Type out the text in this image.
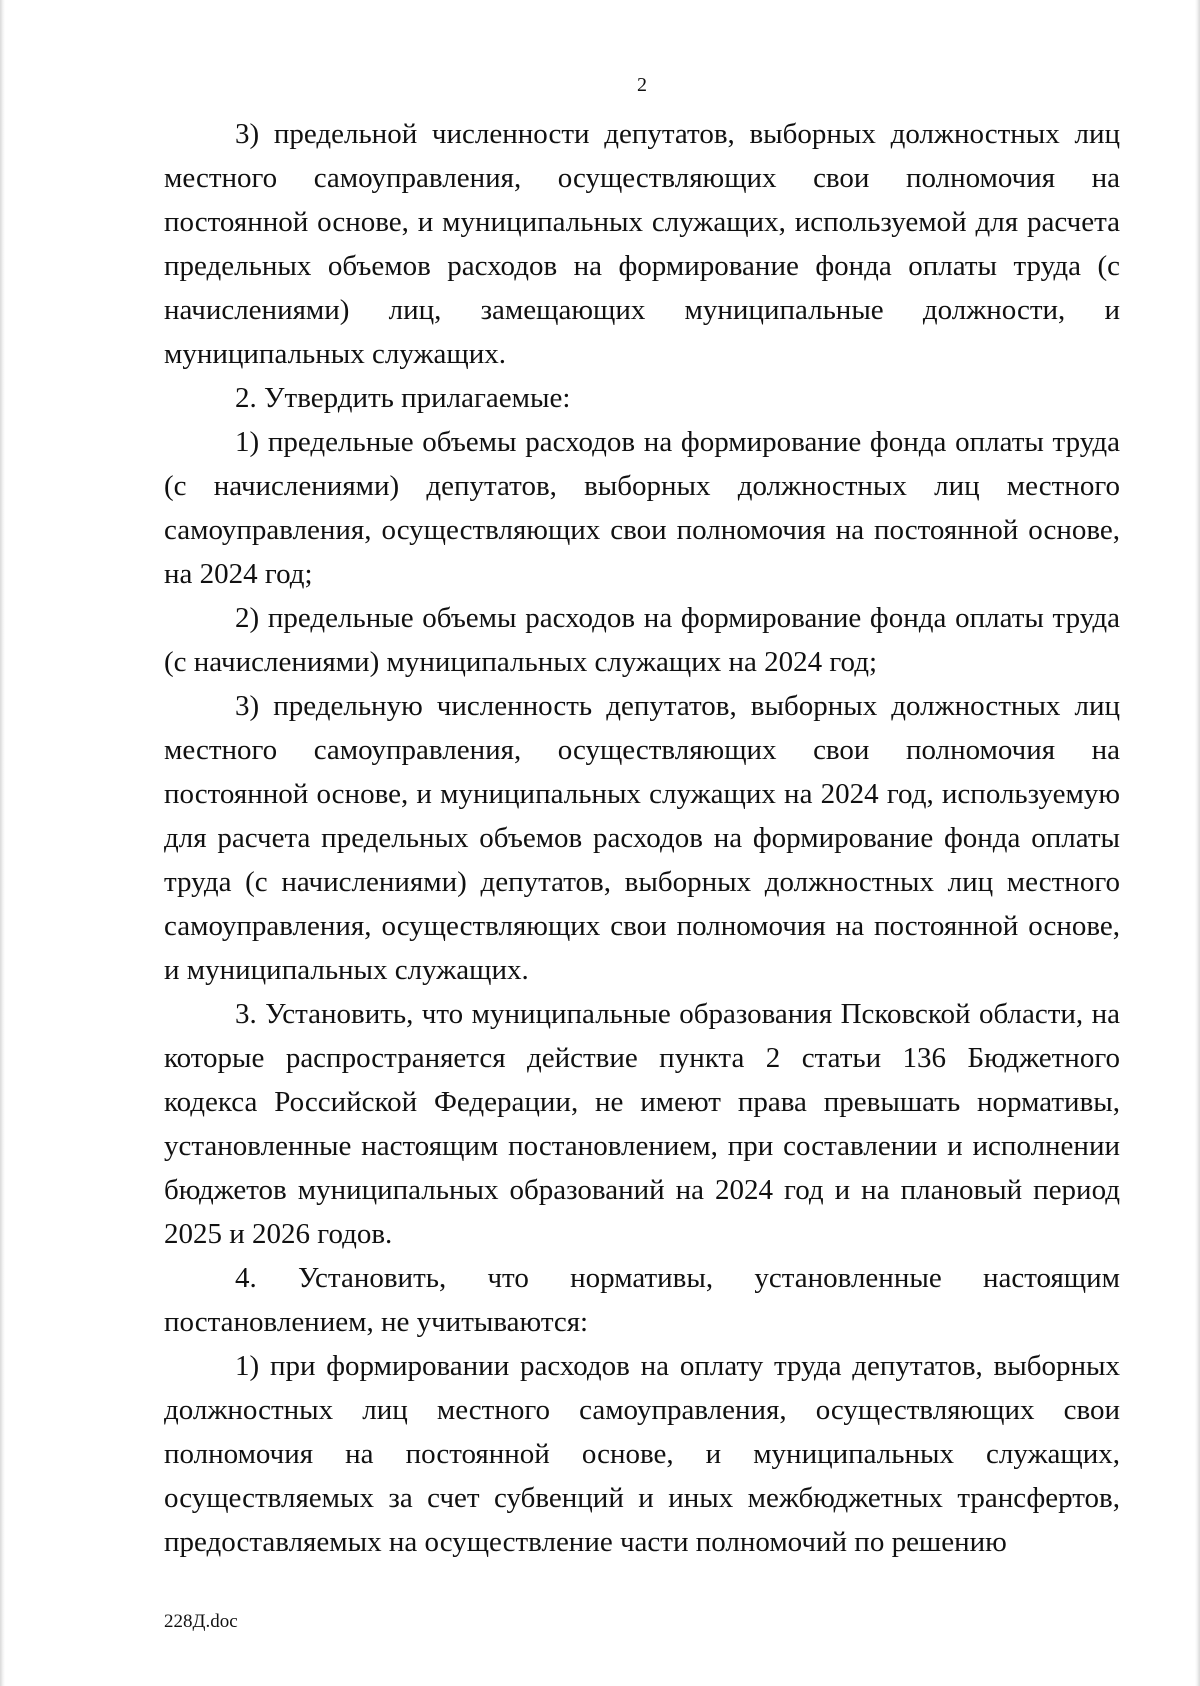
2

3) предельной численности депутатов, выборных должностных лиц местного самоуправления, осуществляющих свои полномочия на постоянной основе, и муниципальных служащих, используемой для расчета предельных объемов расходов на формирование фонда оплаты труда (с начислениями) лиц, замещающих муниципальные должности, и муниципальных служащих.

2. Утвердить прилагаемые:

1) предельные объемы расходов на формирование фонда оплаты труда (с начислениями) депутатов, выборных должностных лиц местного самоуправления, осуществляющих свои полномочия на постоянной основе, на 2024 год;

2) предельные объемы расходов на формирование фонда оплаты труда (с начислениями) муниципальных служащих на 2024 год;

3) предельную численность депутатов, выборных должностных лиц местного самоуправления, осуществляющих свои полномочия на постоянной основе, и муниципальных служащих на 2024 год, используемую для расчета предельных объемов расходов на формирование фонда оплаты труда (с начислениями) депутатов, выборных должностных лиц местного самоуправления, осуществляющих свои полномочия на постоянной основе, и муниципальных служащих.

3. Установить, что муниципальные образования Псковской области, на которые распространяется действие пункта 2 статьи 136 Бюджетного кодекса Российской Федерации, не имеют права превышать нормативы, установленные настоящим постановлением, при составлении и исполнении бюджетов муниципальных образований на 2024 год и на плановый период 2025 и 2026 годов.

4. Установить, что нормативы, установленные настоящим постановлением, не учитываются:

1) при формировании расходов на оплату труда депутатов, выборных должностных лиц местного самоуправления, осуществляющих свои полномочия на постоянной основе, и муниципальных служащих, осуществляемых за счет субвенций и иных межбюджетных трансфертов, предоставляемых на осуществление части полномочий по решению

228Д.doc
